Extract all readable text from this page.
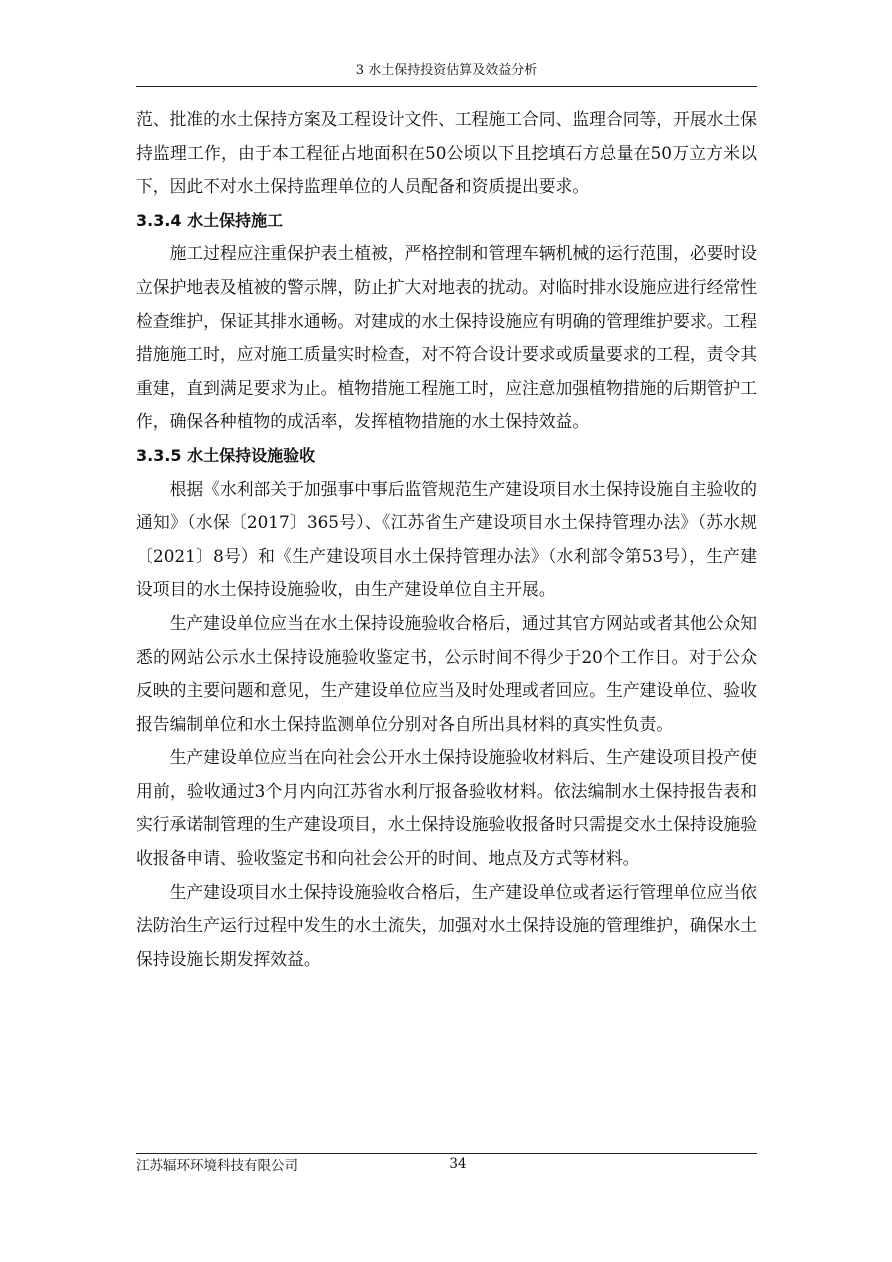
3 水土保持投资估算及效益分析

范、批准的水土保持方案及工程设计文件、工程施工合同、监理合同等，开展水土保持监理工作，由于本工程征占地面积在50公顷以下且挖填石方总量在50万立方米以下，因此不对水土保持监理单位的人员配备和资质提出要求。

3.3.4 水土保持施工

施工过程应注重保护表土植被，严格控制和管理车辆机械的运行范围，必要时设立保护地表及植被的警示牌，防止扩大对地表的扰动。对临时排水设施应进行经常性检查维护，保证其排水通畅。对建成的水土保持设施应有明确的管理维护要求。工程措施施工时，应对施工质量实时检查，对不符合设计要求或质量要求的工程，责令其重建，直到满足要求为止。植物措施工程施工时，应注意加强植物措施的后期管护工作，确保各种植物的成活率，发挥植物措施的水土保持效益。

3.3.5 水土保持设施验收

根据《水利部关于加强事中事后监管规范生产建设项目水土保持设施自主验收的通知》（水保〔2017〕365号）、《江苏省生产建设项目水土保持管理办法》（苏水规〔2021〕8号）和《生产建设项目水土保持管理办法》（水利部令第53号），生产建设项目的水土保持设施验收，由生产建设单位自主开展。

生产建设单位应当在水土保持设施验收合格后，通过其官方网站或者其他公众知悉的网站公示水土保持设施验收鉴定书，公示时间不得少于20个工作日。对于公众反映的主要问题和意见，生产建设单位应当及时处理或者回应。生产建设单位、验收报告编制单位和水土保持监测单位分别对各自所出具材料的真实性负责。

生产建设单位应当在向社会公开水土保持设施验收材料后、生产建设项目投产使用前，验收通过3个月内向江苏省水利厅报备验收材料。依法编制水土保持报告表和实行承诺制管理的生产建设项目，水土保持设施验收报备时只需提交水土保持设施验收报备申请、验收鉴定书和向社会公开的时间、地点及方式等材料。

生产建设项目水土保持设施验收合格后，生产建设单位或者运行管理单位应当依法防治生产运行过程中发生的水土流失，加强对水土保持设施的管理维护，确保水土保持设施长期发挥效益。

江苏辐环环境科技有限公司	34
